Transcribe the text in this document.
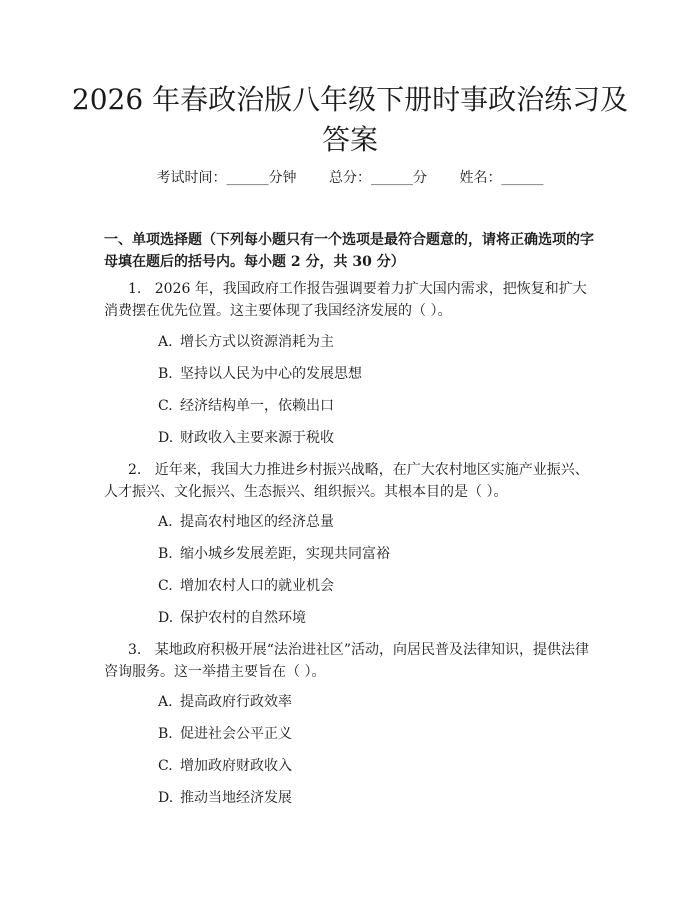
2026 年春政治版八年级下册时事政治练习及答案
考试时间：______分钟 总分：______分 姓名：______

一、单项选择题（下列每小题只有一个选项是最符合题意的，请将正确选项的字母填在题后的括号内。每小题 2 分，共 30 分）

1. 2026 年，我国政府工作报告强调要着力扩大国内需求，把恢复和扩大消费摆在优先位置。这主要体现了我国经济发展的（ ）。

A. 增长方式以资源消耗为主

B. 坚持以人民为中心的发展思想

C. 经济结构单一，依赖出口

D. 财政收入主要来源于税收

2. 近年来，我国大力推进乡村振兴战略，在广大农村地区实施产业振兴、人才振兴、文化振兴、生态振兴、组织振兴。其根本目的是（ ）。

A. 提高农村地区的经济总量

B. 缩小城乡发展差距，实现共同富裕

C. 增加农村人口的就业机会

D. 保护农村的自然环境

3. 某地政府积极开展“法治进社区”活动，向居民普及法律知识，提供法律咨询服务。这一举措主要旨在（ ）。

A. 提高政府行政效率

B. 促进社会公平正义

C. 增加政府财政收入

D. 推动当地经济发展
